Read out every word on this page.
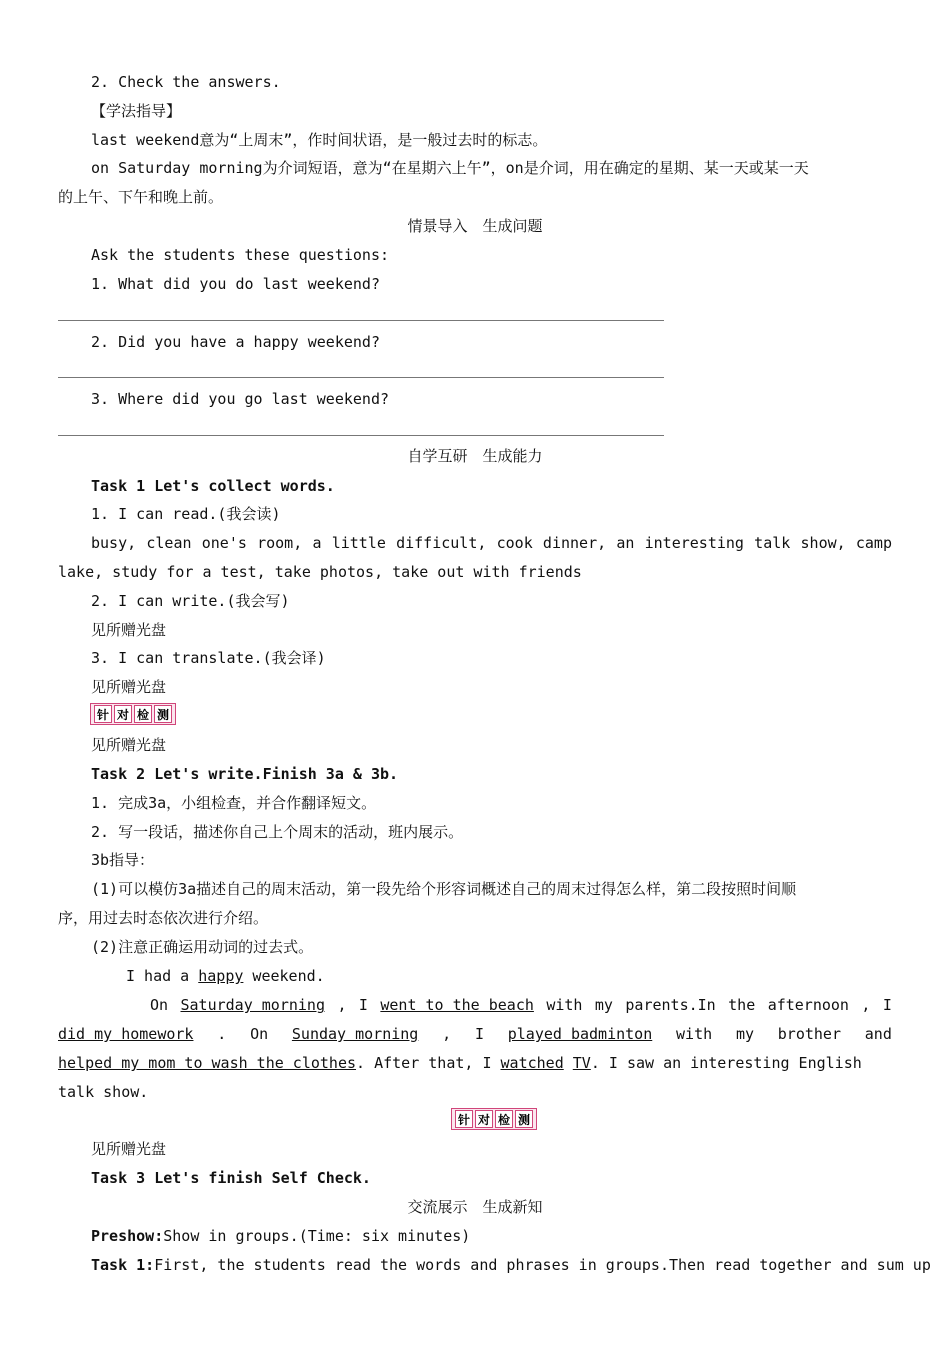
2. Check the answers.
【学法指导】
last weekend意为“上周末”，作时间状语，是一般过去时的标志。
on Saturday morning为介词短语，意为“在星期六上午”，on是介词，用在确定的星期、某一天或某一天
的上午、下午和晚上前。
情景导入　生成问题
Ask the students these questions:
1. What did you do last weekend?
2. Did you have a happy weekend?
3. Where did you go last weekend?
自学互研　生成能力
Task 1 Let's collect words.
1. I can read.(我会读)
busy, clean one's room, a little difficult, cook dinner, an interesting talk show, camp
lake, study for a test, take photos, take out with friends
2. I can write.(我会写)
见所赠光盘
3. I can translate.(我会译)
见所赠光盘
针 对 检 测
见所赠光盘
Task 2 Let's write.Finish 3a & 3b.
1. 完成3a，小组检查，并合作翻译短文。
2. 写一段话，描述你自己上个周末的活动，班内展示。
3b指导：
(1)可以模仿3a描述自己的周末活动，第一段先给个形容词概述自己的周末过得怎么样，第二段按照时间顺
序，用过去时态依次进行介绍。
(2)注意正确运用动词的过去式。
I had a happy weekend.
On Saturday morning , I went to the beach with my parents.In the afternoon , I
did my homework . On Sunday morning , I played badminton with my brother and
helped my mom to wash the clothes. After that, I watched TV. I saw an interesting English
talk show.
针 对 检 测
见所赠光盘
Task 3 Let's finish Self Check.
交流展示　生成新知
Preshow:Show in groups.(Time: six minutes)
Task 1:First, the students read the words and phrases in groups.Then read together and sum up
